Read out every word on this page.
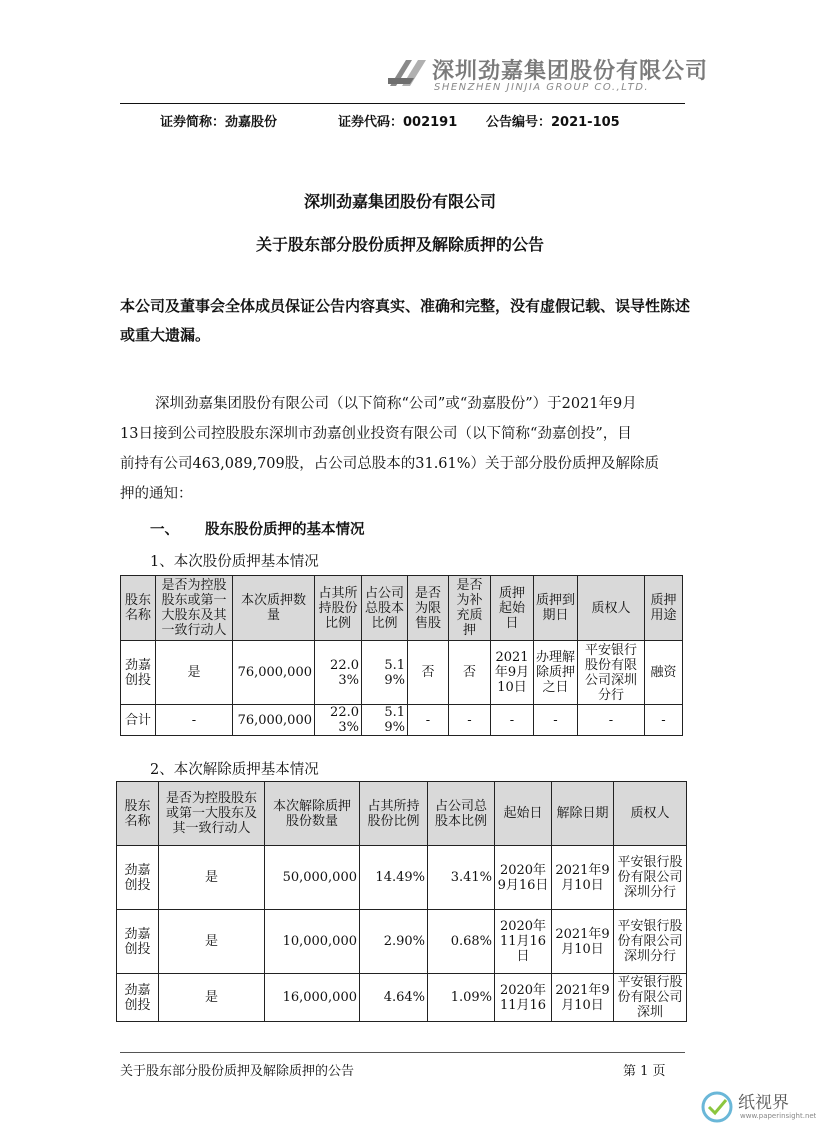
深圳劲嘉集团股份有限公司
SHENZHEN JINJIA GROUP CO.,LTD.
证券简称：劲嘉股份	证券代码：002191 公告编号：2021-105
深圳劲嘉集团股份有限公司
关于股东部分股份质押及解除质押的公告
本公司及董事会全体成员保证公告内容真实、准确和完整，没有虚假记载、误导性陈述或重大遗漏。
深圳劲嘉集团股份有限公司（以下简称“公司”或“劲嘉股份”）于2021年9月
13日接到公司控股股东深圳市劲嘉创业投资有限公司（以下简称“劲嘉创投”，目
前持有公司463,089,709股，占公司总股本的31.61%）关于部分股份质押及解除质
押的通知：
一、 股东股份质押的基本情况
1、本次股份质押基本情况
股东名称	是否为控股股东或第一大股东及其一致行动人	本次质押数量	占其所持股份比例	占公司总股本比例	是否为限售股	是否为补充质押	质押起始日	质押到期日	质权人	质押用途
劲嘉创投	是	76,000,000	22.03%	5.19%	否	否	2021年9月10日	办理解除质押之日	平安银行股份有限公司深圳分行	融资
合计	-	76,000,000	22.03%	5.19%	-	-	-	-	-	-
2、本次解除质押基本情况
股东名称	是否为控股股东或第一大股东及其一致行动人	本次解除质押股份数量	占其所持股份比例	占公司总股本比例	起始日	解除日期	质权人
劲嘉创投	是	50,000,000	14.49%	3.41%	2020年9月16日	2021年9月10日	平安银行股份有限公司深圳分行
劲嘉创投	是	10,000,000	2.90%	0.68%	2020年11月16日	2021年9月10日	平安银行股份有限公司深圳分行
劲嘉创投	是	16,000,000	4.64%	1.09%	2020年11月16	2021年9月10日	平安银行股份有限公司深圳
关于股东部分股份质押及解除质押的公告	第 1 页
纸视界
www.paperinsight.net
